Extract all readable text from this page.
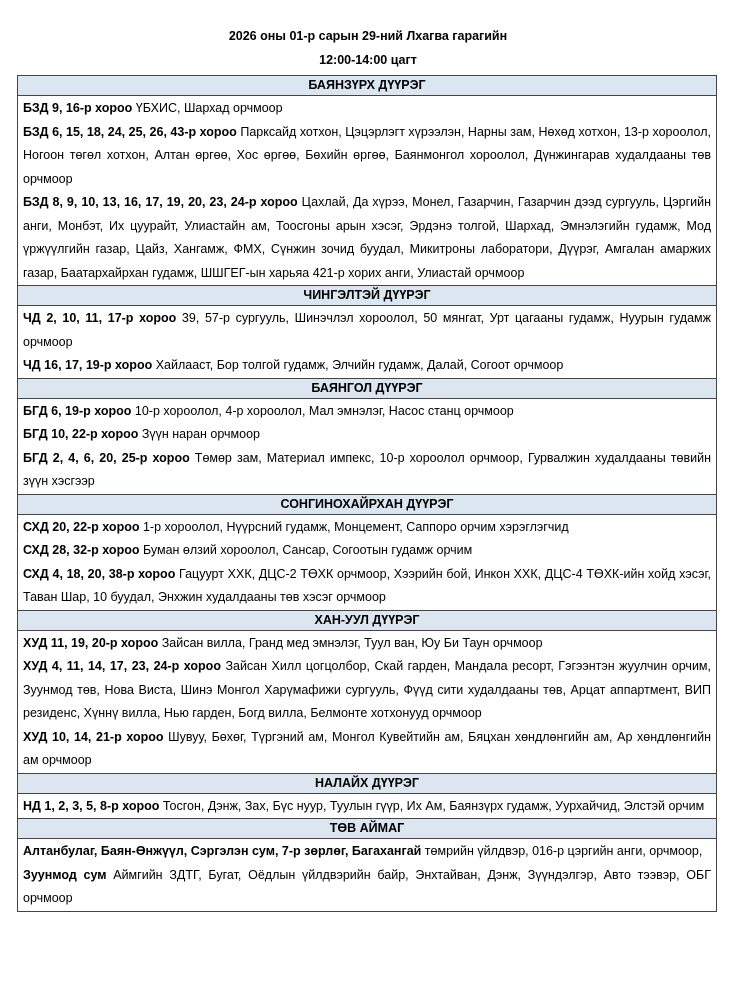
2026 оны 01-р сарын 29-ний Лхагва гарагийн
12:00-14:00 цагт
БАЯНЗҮРХ ДҮҮРЭГ

БЗД 9, 16-р хороо ҮБХИС, Шархад орчмоор

БЗД 6, 15, 18, 24, 25, 26, 43-р хороо Парксайд хотхон, Цэцэрлэгт хүрээлэн, Нарны зам, Нөхөд хотхон, 13-р хороолол, Ногоон төгөл хотхон, Алтан өргөө, Хос өргөө, Бөхийн өргөө, Баянмонгол хороолол, Дүнжингарав худалдааны төв орчмоор

БЗД 8, 9, 10, 13, 16, 17, 19, 20, 23, 24-р хороо Цахлай, Да хүрээ, Монел, Газарчин, Газарчин дээд сургууль, Цэргийн анги, Монбэт, Их цуурайт, Улиастайн ам, Тоосгоны арын хэсэг, Эрдэнэ толгой, Шархад, Эмнэлэгийн гудамж, Мод үржүүлгийн газар, Цайз, Хангамж, ФМХ, Сүнжин зочид буудал, Микитроны лаборатори, Дүүрэг, Амгалан амаржих газар, Баатархайрхан гудамж, ШШГЕГ-ын харьяа 421-р хорих анги, Улиастай орчмоор

ЧИНГЭЛТЭЙ ДҮҮРЭГ

ЧД 2, 10, 11, 17-р хороо 39, 57-р сургууль, Шинэчлэл хороолол, 50 мянгат, Урт цагааны гудамж, Нуурын гудамж орчмоор

ЧД 16, 17, 19-р хороо Хайлааст, Бор толгой гудамж, Элчийн гудамж, Далай, Согоот орчмоор

БАЯНГОЛ ДҮҮРЭГ

БГД 6, 19-р хороо 10-р хороолол, 4-р хороолол, Мал эмнэлэг, Насос станц орчмоор

БГД 10, 22-р хороо Зүүн наран орчмоор

БГД 2, 4, 6, 20, 25-р хороо Төмөр зам, Материал импекс, 10-р хороолол орчмоор, Гурвалжин худалдааны төвийн зүүн хэсгээр

СОНГИНОХАЙРХАН ДҮҮРЭГ

СХД 20, 22-р хороо 1-р хороолол, Нүүрсний гудамж, Монцемент, Саппоро орчим хэрэглэгчид

СХД 28, 32-р хороо Буман өлзий хороолол, Сансар, Согоотын гудамж орчим

СХД 4, 18, 20, 38-р хороо Гацуурт ХХК, ДЦС-2 ТӨХК орчмоор, Хээрийн бой, Инкон ХХК, ДЦС-4 ТӨХК-ийн хойд хэсэг, Таван Шар, 10 буудал, Энхжин худалдааны төв хэсэг орчмоор

ХАН-УУЛ ДҮҮРЭГ

ХУД 11, 19, 20-р хороо Зайсан вилла, Гранд мед эмнэлэг, Туул ван, Юу Би Таун орчмоор

ХУД 4, 11, 14, 17, 23, 24-р хороо Зайсан Хилл цогцолбор, Скай гарден, Мандала ресорт, Гэгээнтэн жуулчин орчим, Зуунмод төв, Нова Виста, Шинэ Монгол Харүмафижи сургууль, Фүүд сити худалдааны төв, Арцат аппартмент, ВИП резиденс, Хүннү вилла, Нью гарден, Богд вилла, Белмонте хотхонууд орчмоор

ХУД 10, 14, 21-р хороо Шувуу, Бөхөг, Түргэний ам, Монгол Кувейтийн ам, Бяцхан хөндлөнгийн ам, Ар хөндлөнгийн ам орчмоор

НАЛАЙХ ДҮҮРЭГ

НД 1, 2, 3, 5, 8-р хороо Тосгон, Дэнж, Зах, Бүс нуур, Туулын гүүр, Их Ам, Баянзүрх гудамж, Уурхайчид, Элстэй орчим

ТӨВ АЙМАГ

Алтанбулаг, Баян-Өнжүүл, Сэргэлэн сум, 7-р зөрлөг, Багахангай төмрийн үйлдвэр, 016-р цэргийн анги, орчмоор,

Зуунмод сум Аймгийн ЗДТГ, Бугат, Оёдлын үйлдвэрийн байр, Энхтайван, Дэнж, Зүүндэлгэр, Авто тээвэр, ОБГ орчмоор
